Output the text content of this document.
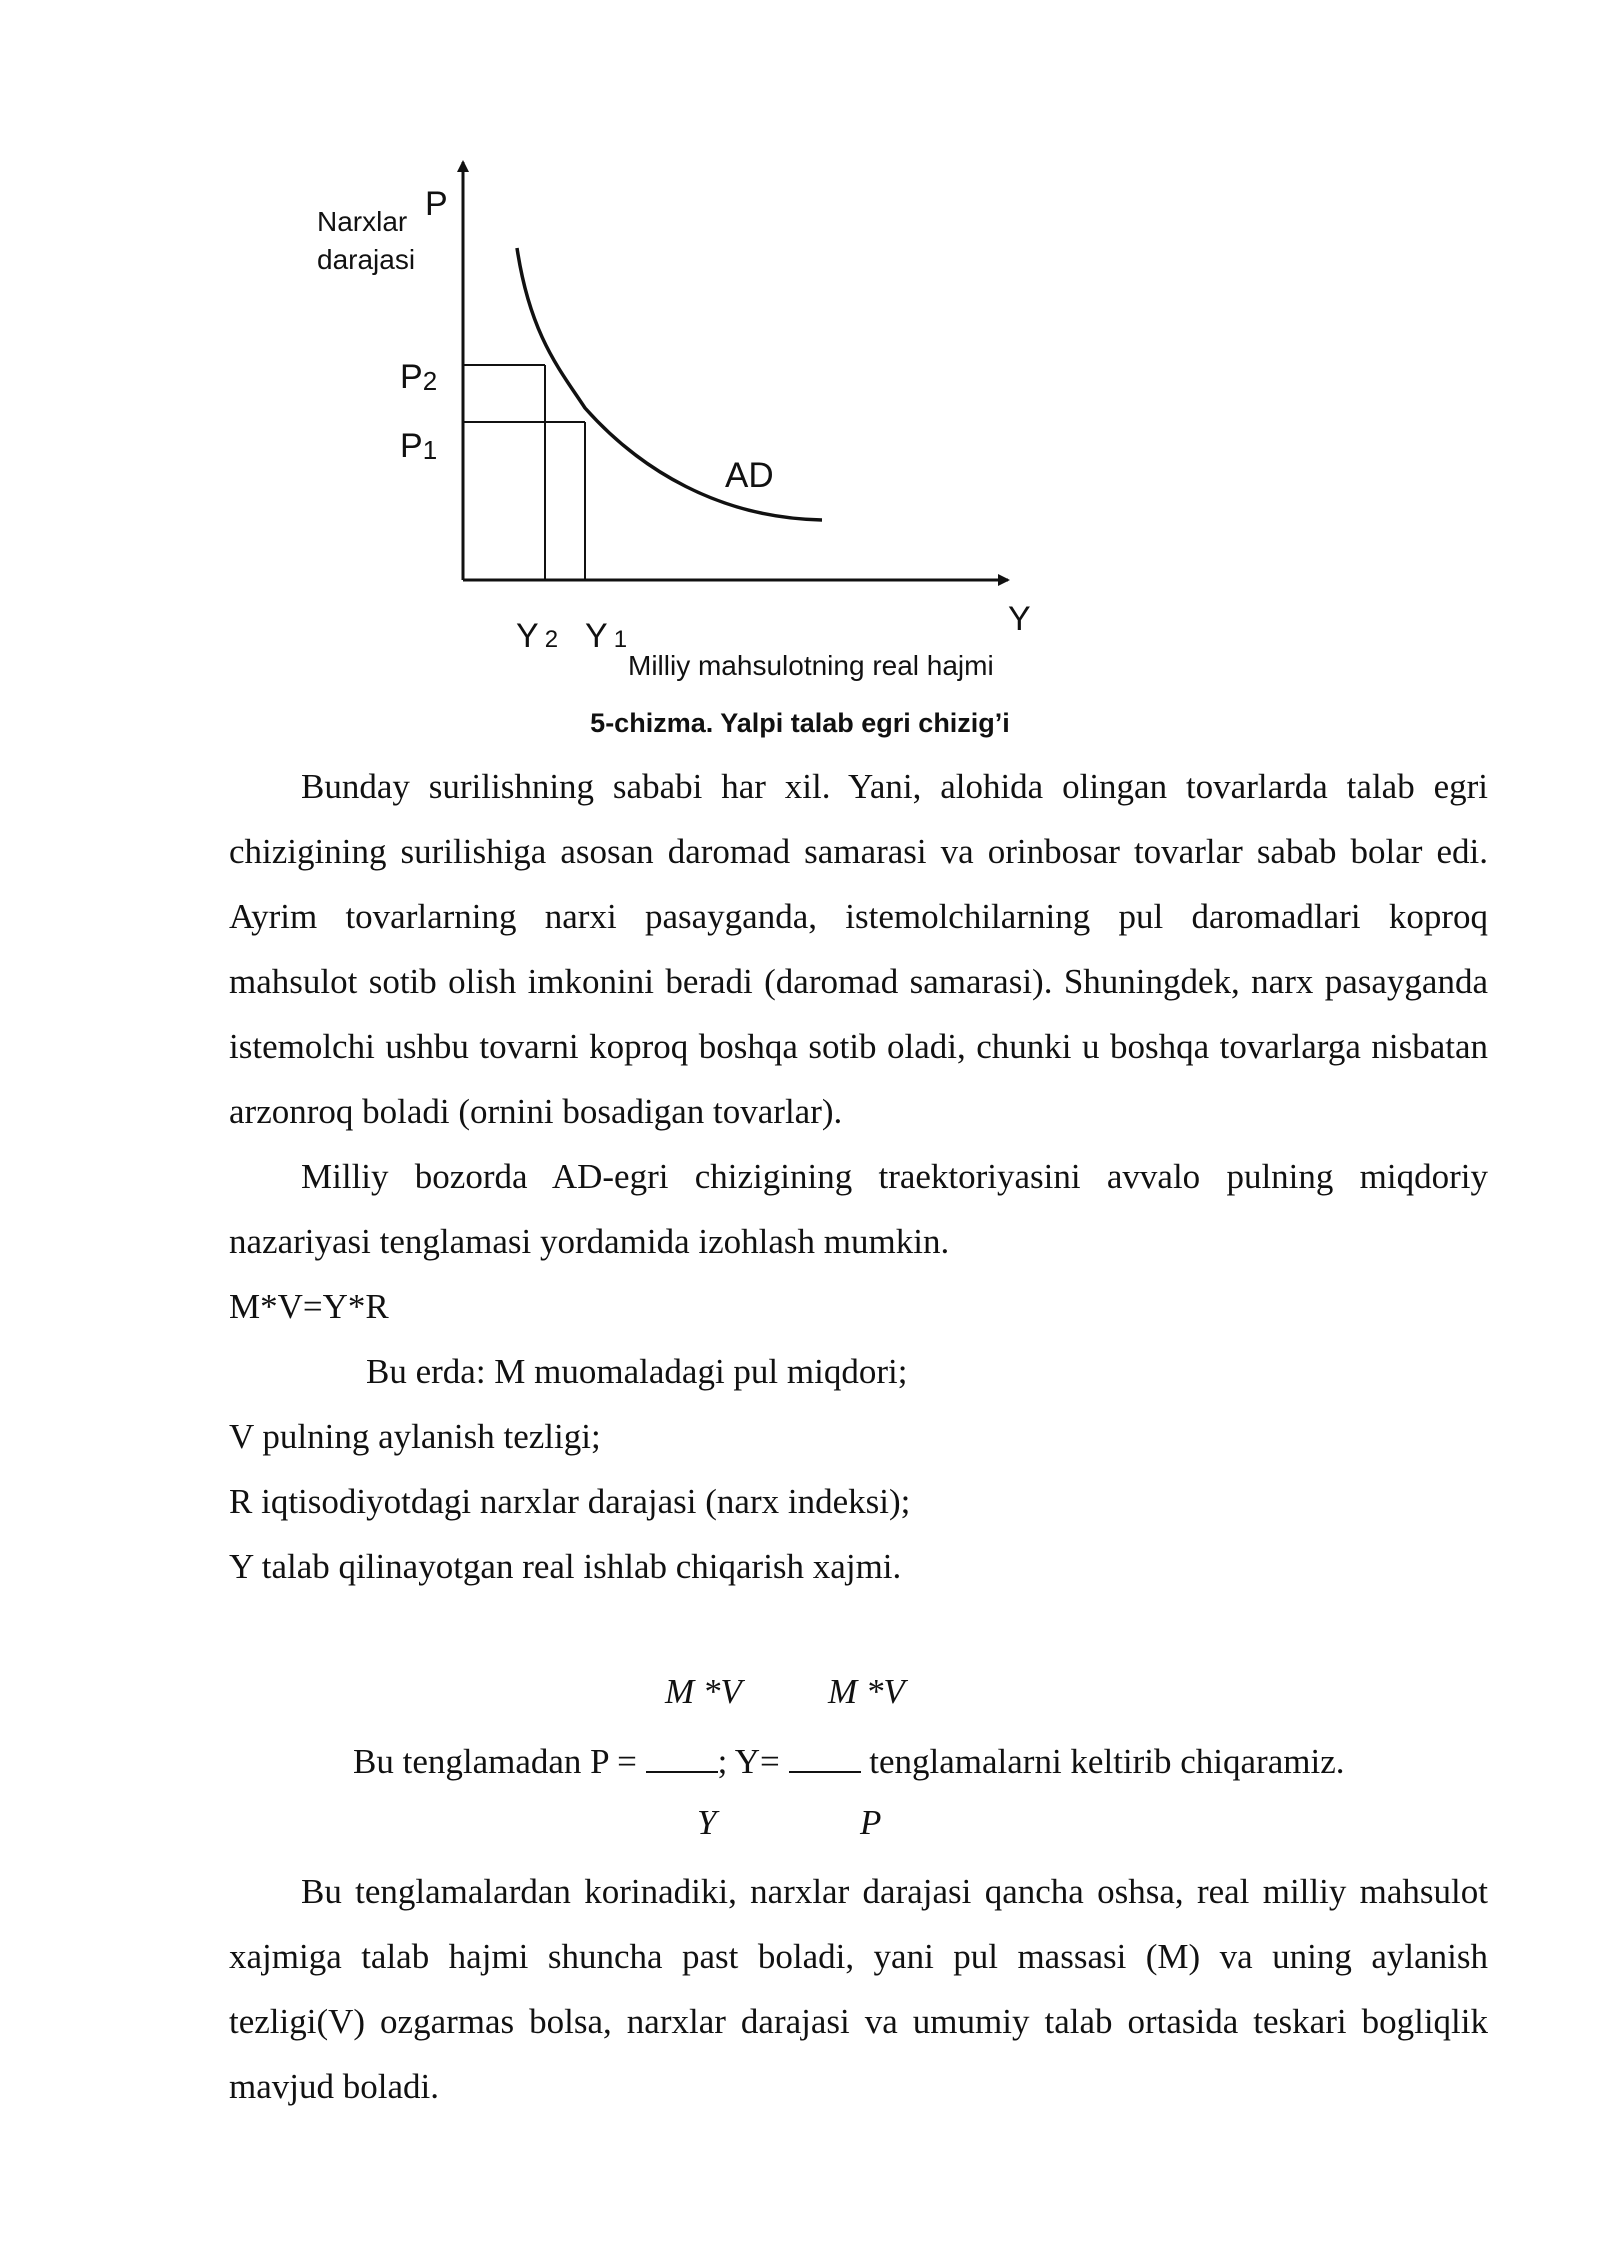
Narxlar
darajasi
P
P2
P1
AD
Y
Y 2 Y 1
Milliy mahsulotning real hajmi
5-chizma. Yalpi talab egri chizig’i

Bunday surilishning sababi har xil. Yani, alohida olingan tovarlarda talab egri chizigining surilishiga asosan daromad samarasi va orinbosar tovarlar sabab bolar edi. Ayrim tovarlarning narxi pasayganda, istemolchilarning pul daromadlari koproq mahsulot sotib olish imkonini beradi (daromad samarasi). Shuningdek, narx pasayganda istemolchi ushbu tovarni koproq boshqa sotib oladi, chunki u boshqa tovarlarga nisbatan arzonroq boladi (ornini bosadigan tovarlar).

Milliy bozorda AD-egri chizigining traektoriyasini avvalo pulning miqdoriy nazariyasi tenglamasi yordamida izohlash mumkin.

M*V=Y*R

Bu erda: M muomaladagi pul miqdori;

V pulning aylanish tezligi;

R iqtisodiyotdagi narxlar darajasi (narx indeksi);

Y talab qilinayotgan real ishlab chiqarish xajmi.

M *V M *V

Bu tenglamadan P = ; Y=  tenglamalarni keltirib chiqaramiz.

Y	P

Bu tenglamalardan korinadiki, narxlar darajasi qancha oshsa, real milliy mahsulot xajmiga talab hajmi shuncha past boladi, yani pul massasi (M) va uning aylanish tezligi(V) ozgarmas bolsa, narxlar darajasi va umumiy talab ortasida teskari bogliqlik mavjud boladi.
